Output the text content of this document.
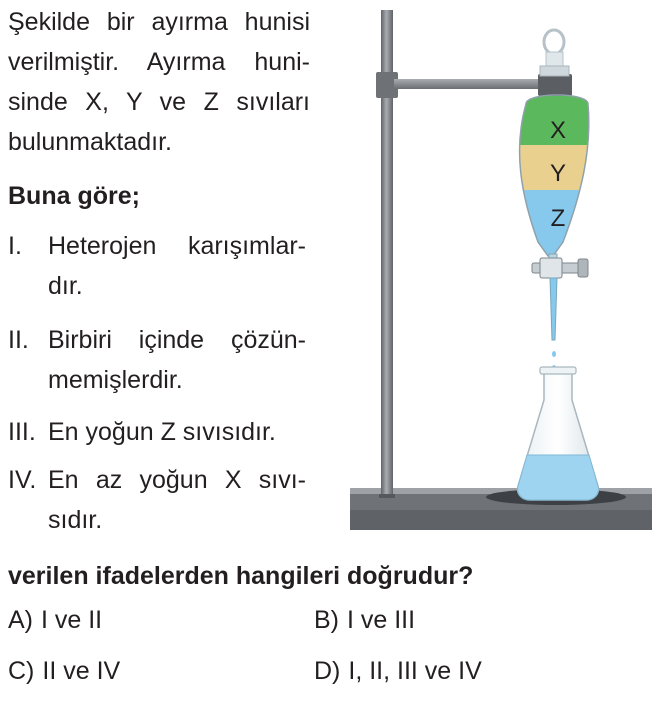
Şekilde bir ayırma hunisi
verilmiştir. Ayırma huni-
sinde X, Y ve Z sıvıları
bulunmaktadır.
Buna göre;
I. Heterojen karışımlar-
dır.
II. Birbiri içinde çözün-
memişlerdir.
III. En yoğun Z sıvısıdır.
IV. En az yoğun X sıvı-
sıdır.
verilen ifadelerden hangileri doğrudur?
A) I ve II	B) I ve III
C) II ve IV	D) I, II, III ve IV
X
Y
Z
